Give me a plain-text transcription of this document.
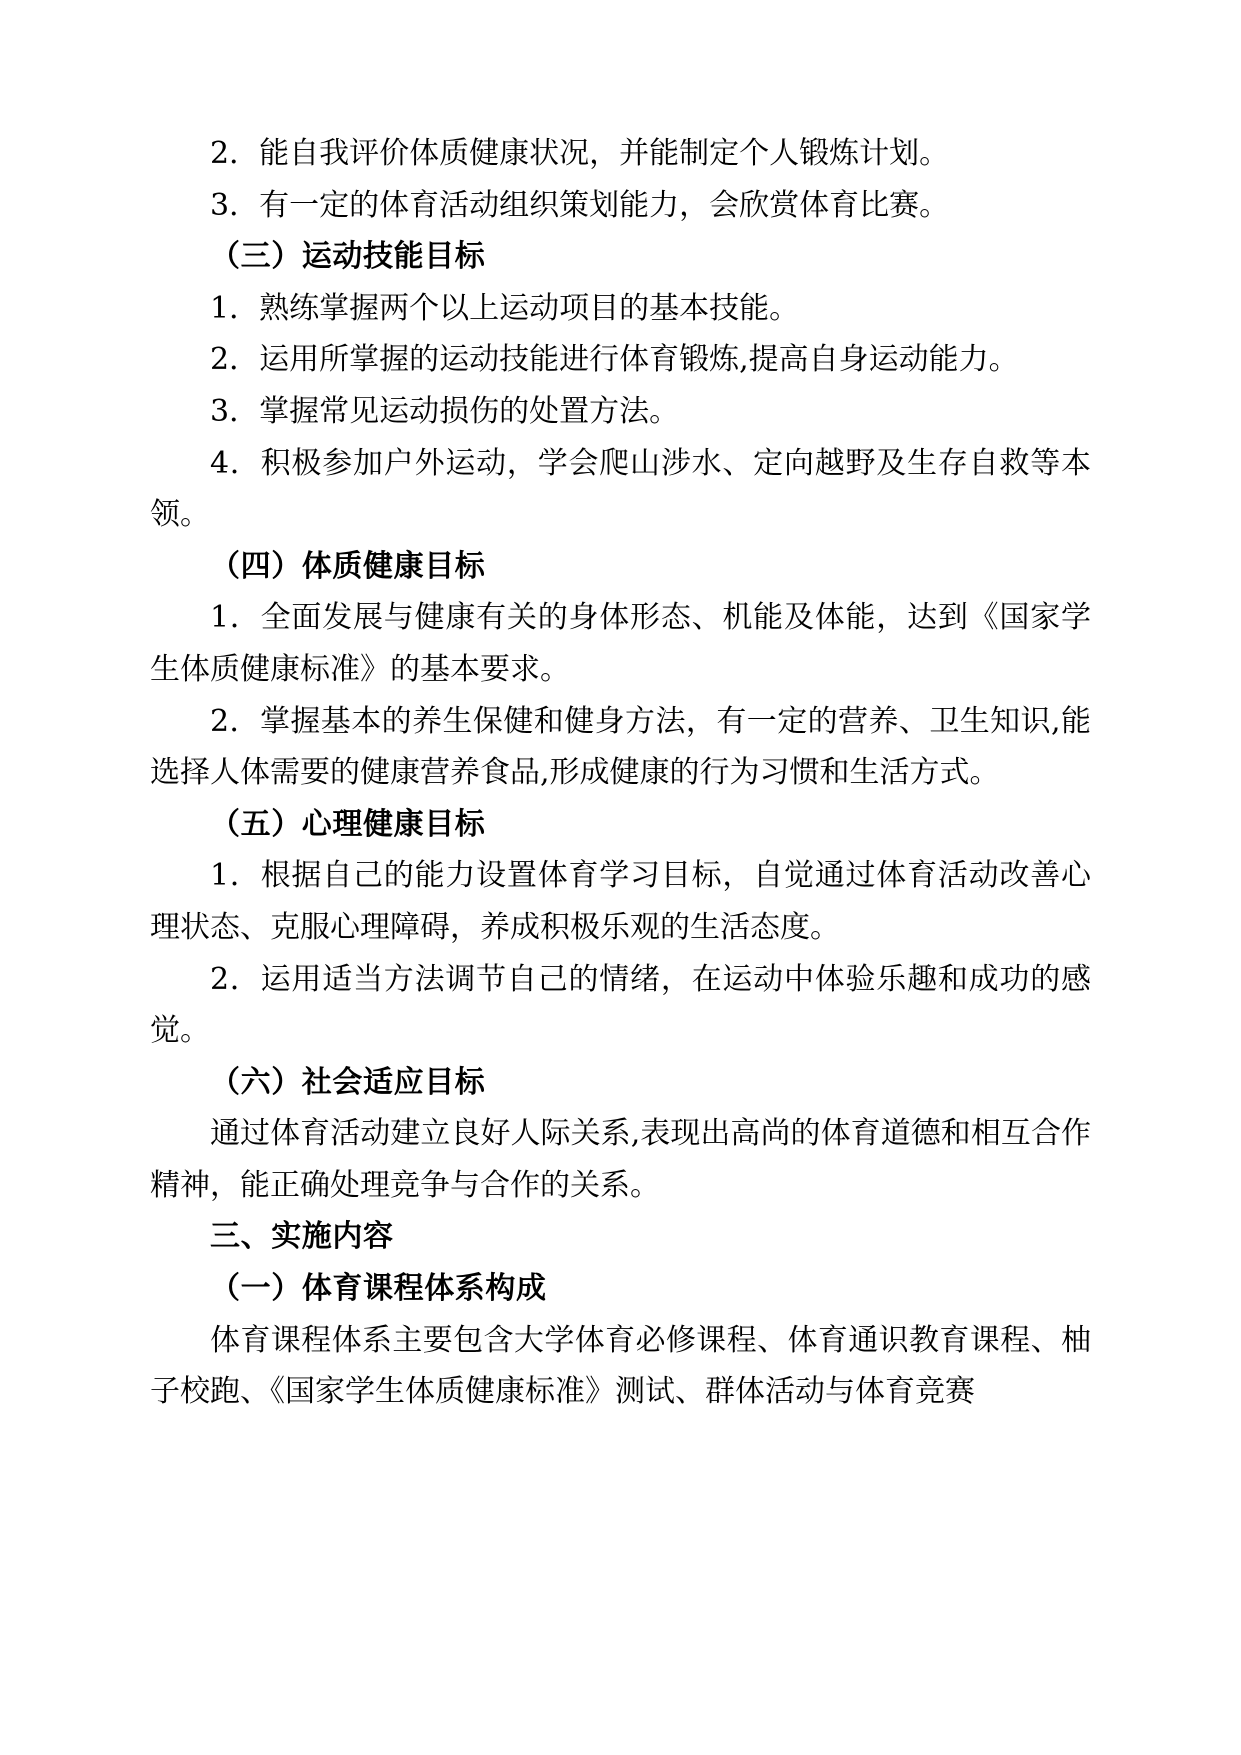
2．能自我评价体质健康状况，并能制定个人锻炼计划。

3．有一定的体育活动组织策划能力，会欣赏体育比赛。

（三）运动技能目标

1．熟练掌握两个以上运动项目的基本技能。

2．运用所掌握的运动技能进行体育锻炼,提高自身运动能力。

3．掌握常见运动损伤的处置方法。

4．积极参加户外运动，学会爬山涉水、定向越野及生存自救等本领。

（四）体质健康目标

1．全面发展与健康有关的身体形态、机能及体能，达到《国家学生体质健康标准》的基本要求。

2．掌握基本的养生保健和健身方法，有一定的营养、卫生知识,能选择人体需要的健康营养食品,形成健康的行为习惯和生活方式。

（五）心理健康目标

1．根据自己的能力设置体育学习目标，自觉通过体育活动改善心理状态、克服心理障碍，养成积极乐观的生活态度。

2．运用适当方法调节自己的情绪，在运动中体验乐趣和成功的感觉。

（六）社会适应目标

通过体育活动建立良好人际关系,表现出高尚的体育道德和相互合作精神，能正确处理竞争与合作的关系。

三、实施内容

（一）体育课程体系构成

体育课程体系主要包含大学体育必修课程、体育通识教育课程、柚子校跑、《国家学生体质健康标准》测试、群体活动与体育竞赛
